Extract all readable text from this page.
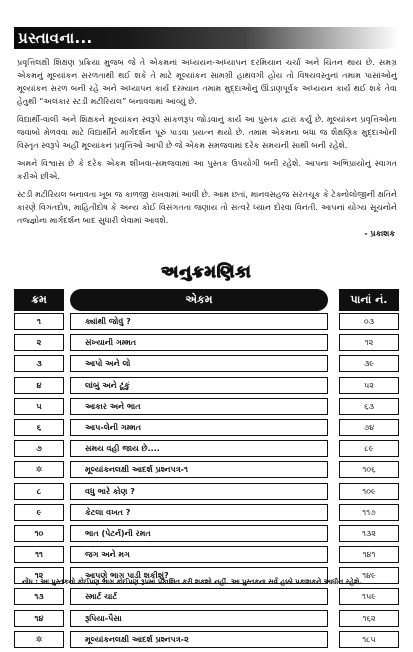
પ્રસ્તાવના...

પ્રવૃત્તિલક્ષી શિક્ષણ પ્રક્રિયા મુજબ જે તે એકમનાં અધ્યયન-અધ્યાપન દરમિયાન ચર્ચા અને ચિંતન થાય છે. સમગ્ર એકમનું મૂલ્યાંકન સરળતાથી થઈ શકે તે માટે મૂલ્યાંકન સામગ્રી હાથવગી હોય તો વિષયવસ્તુનાં તમામ પાસાંઓનું મૂલ્યાંકન સરળ બની રહે અને અધ્યાપન કાર્ય દરમ્યાન તમામ મુદ્દાઓનું ઊંડાણપૂર્વક અધ્યયન કાર્ય થઈ શકે તેવા હેતુથી “અલંકાર સ્ટડી મટીરિયલ” બનાવવામાં આવ્યું છે.

વિદ્યાર્થી-વાલી અને શિક્ષકને મૂલ્યાંકન સ્વરૂપે સાંકળરૂપ જોડવાનું કાર્ય આ પુસ્તક દ્વારા કર્યું છે. મૂલ્યાંકન પ્રવૃત્તિઓના જવાબો મેળવવા માટે વિદ્યાર્થીને માર્ગદર્શન પૂરું પાડવા પ્રયત્ન થયો છે. તમામ એકમના બધા જ શૈક્ષણિક મુદ્દાઓની વિસ્તૃત સ્વરૂપે અહીં મૂલ્યાંકન પ્રવૃત્તિઓ આપી છે જે એકમ સમજવામાં દરેક સમયની સાથી બની રહેશે.

અમને વિશ્વાસ છે કે દરેક એકમ શીખવા-સમજવામાં આ પુસ્તક ઉપયોગી બની રહેશે. આપના અભિપ્રાયોનું સ્વાગત કરીએ છીએ.

સ્ટડી મટીરિયલ બનાવતા ખૂબ જ કાળજી રાખવામાં આવી છે. આમ છતાં, માનવસહજ સરતચૂક કે ટેક્નોલોજીની ક્ષતિને કારણે વિગતદોષ, માહિતીદોષ કે અન્ય કોઈ વિસંગતતા જણાય તો સત્વરે ધ્યાન દોરવા વિનંતી. આપનાં યોગ્ય સૂચનોને તજ્જ્ઞોના માર્ગદર્શન બાદ સુધારી લેવામાં આવશે.

- પ્રકાશક
અનુક્રમણિકા
ક્રમ	એકમ	પાનાં નં.
૧	ક્યાંથી જોવું ?	૦૩
૨	સંખ્યાની ગમ્મત	૧૨
૩	આપો અને લો	૩૯
૪	લાંબું અને ટૂંકું	૫૨
૫	આકાર અને ભાત	૬૩
૬	આપ-લેની ગમ્મત	૭૪
૭	સમય વહી જાય છે....	૮૯
✲	મૂલ્યાંકનલક્ષી આદર્શ પ્રશ્નપત્ર-૧	૧૦૬
૮	વધુ ભારે કોણ ?	૧૦૯
૯	કેટલા વખત ?	૧૧૭
૧૦	ભાત (પેટર્ન)ની રમત	૧૩૨
૧૧	જગ અને મગ	૧૪૧
૧૨	આપણે ભાગ પાડી શકીશું?	૧૪૯
૧૩	સ્માર્ટ ચાર્ટ	૧૫૯
૧૪	રૂપિયા-પૈસા	૧૬૨
✲	મૂલ્યાંકનલક્ષી આદર્શ પ્રશ્નપત્ર-૨	૧૮૫
નોંધ : આ પુસ્તકનો કોઈપણ ભાગ કોઈપણ રૂપમાં પ્રકાશિત કરી શકશો નહીં. આ પુસ્તકના સર્વ હક્કો પ્રકાશકને આધીન રહેશે.
